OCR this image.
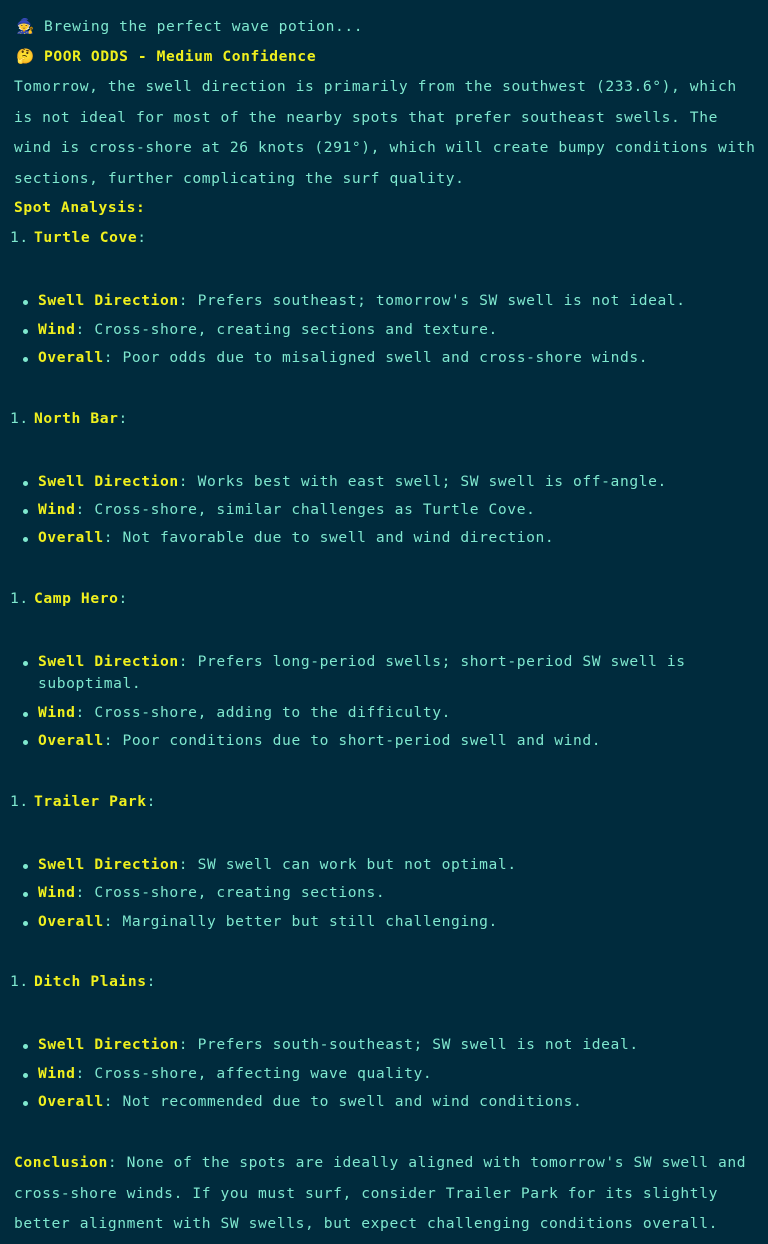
🧙 Brewing the perfect wave potion...
🤔 POOR ODDS - Medium Confidence
Tomorrow, the swell direction is primarily from the southwest (233.6°), which is not ideal for most of the nearby spots that prefer southeast swells. The wind is cross-shore at 26 knots (291°), which will create bumpy conditions with sections, further complicating the surf quality.
Spot Analysis:
1. Turtle Cove:
Swell Direction: Prefers southeast; tomorrow's SW swell is not ideal.
Wind: Cross-shore, creating sections and texture.
Overall: Poor odds due to misaligned swell and cross-shore winds.
1. North Bar:
Swell Direction: Works best with east swell; SW swell is off-angle.
Wind: Cross-shore, similar challenges as Turtle Cove.
Overall: Not favorable due to swell and wind direction.
1. Camp Hero:
Swell Direction: Prefers long-period swells; short-period SW swell is suboptimal.
Wind: Cross-shore, adding to the difficulty.
Overall: Poor conditions due to short-period swell and wind.
1. Trailer Park:
Swell Direction: SW swell can work but not optimal.
Wind: Cross-shore, creating sections.
Overall: Marginally better but still challenging.
1. Ditch Plains:
Swell Direction: Prefers south-southeast; SW swell is not ideal.
Wind: Cross-shore, affecting wave quality.
Overall: Not recommended due to swell and wind conditions.
Conclusion: None of the spots are ideally aligned with tomorrow's SW swell and cross-shore winds. If you must surf, consider Trailer Park for its slightly better alignment with SW swells, but expect challenging conditions overall.
